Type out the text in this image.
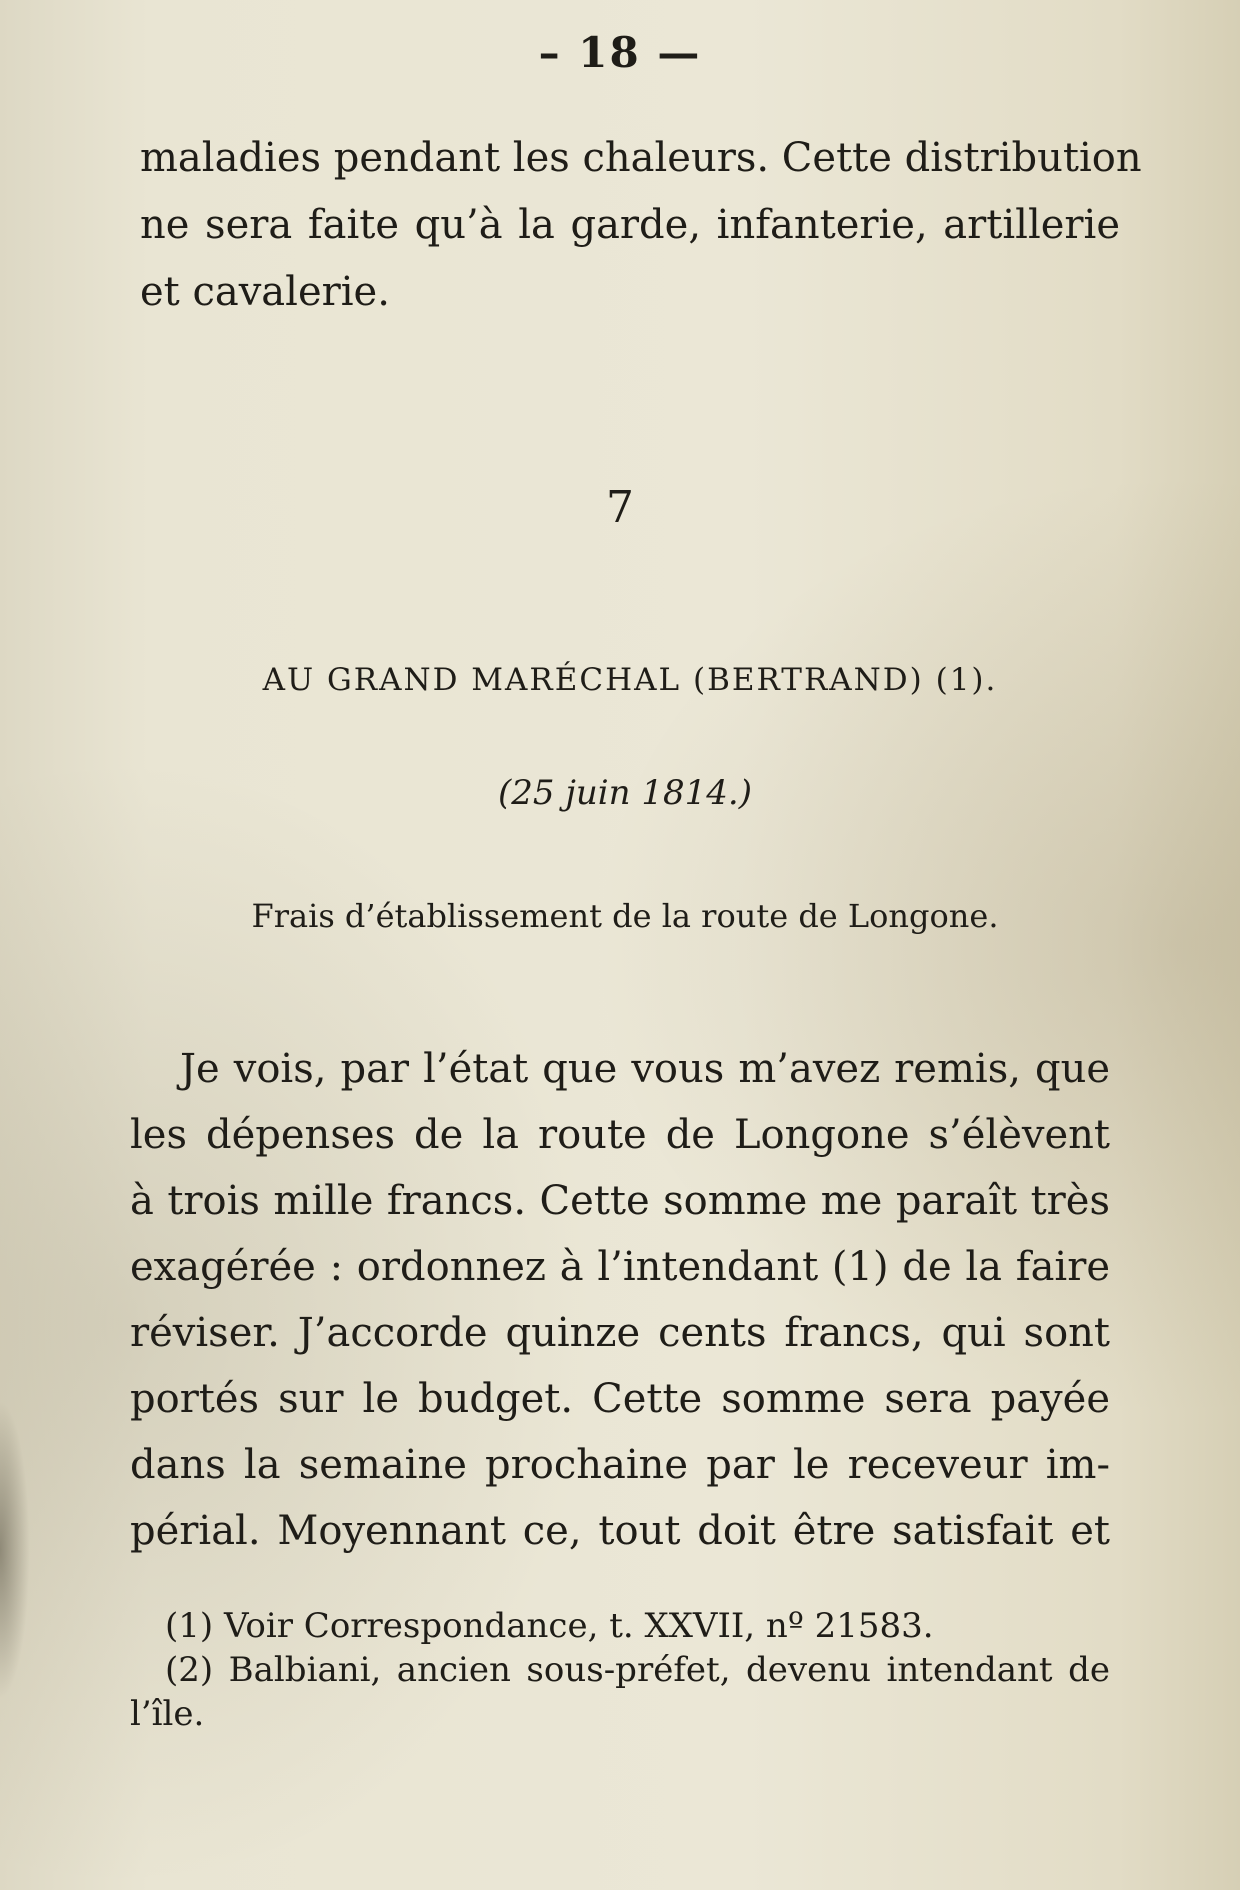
– 18 —
maladies pendant les chaleurs. Cette distribution
ne sera faite qu’à la garde, infanterie, artillerie
et cavalerie.
7
AU GRAND MARÉCHAL (BERTRAND) (1).
(25 juin 1814.)
Frais d’établissement de la route de Longone.
Je vois, par l’état que vous m’avez remis, que
les dépenses de la route de Longone s’élèvent
à trois mille francs. Cette somme me paraît très
exagérée : ordonnez à l’intendant (1) de la faire
réviser. J’accorde quinze cents francs, qui sont
portés sur le budget. Cette somme sera payée
dans la semaine prochaine par le receveur im-
périal. Moyennant ce, tout doit être satisfait et
(1) Voir Correspondance, t. XXVII, nº 21583.
(2) Balbiani, ancien sous-préfet, devenu intendant de
l’île.
